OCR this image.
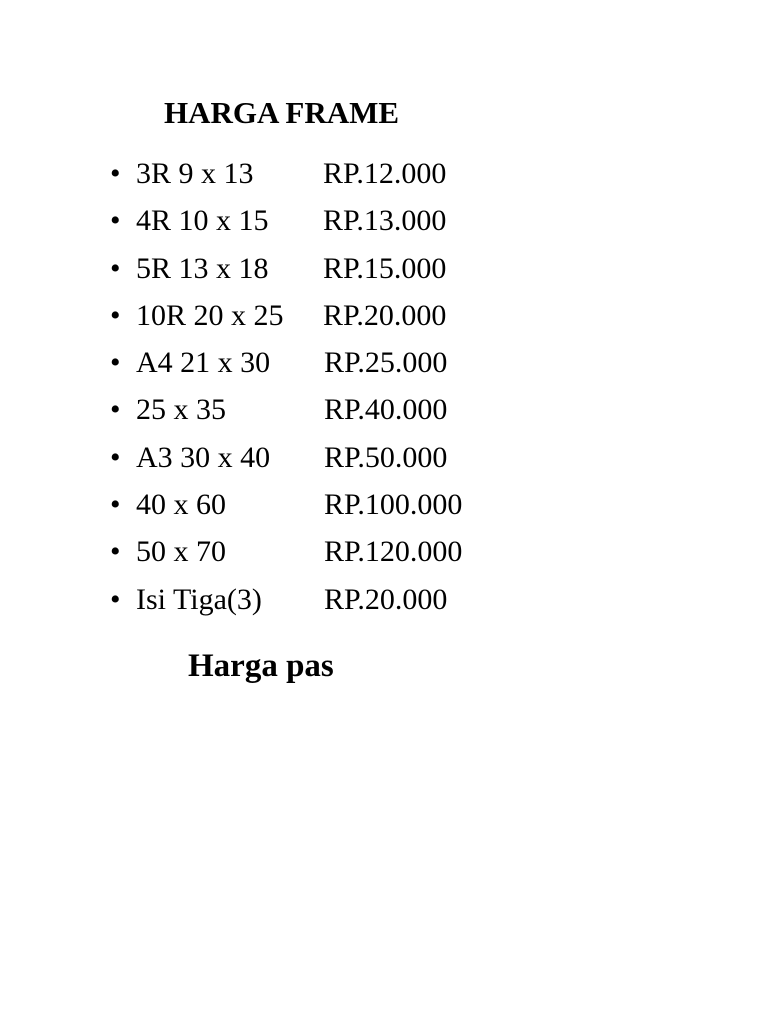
HARGA FRAME
• 3R 9 x 13 RP.12.000
• 4R 10 x 15 RP.13.000
• 5R 13 x 18 RP.15.000
• 10R 20 x 25 RP.20.000
• A4 21 x 30 RP.25.000
• 25 x 35	RP.40.000
• A3 30 x 40 RP.50.000
• 40 x 60	RP.100.000
• 50 x 70	RP.120.000
• Isi Tiga(3) RP.20.000

Harga pas
